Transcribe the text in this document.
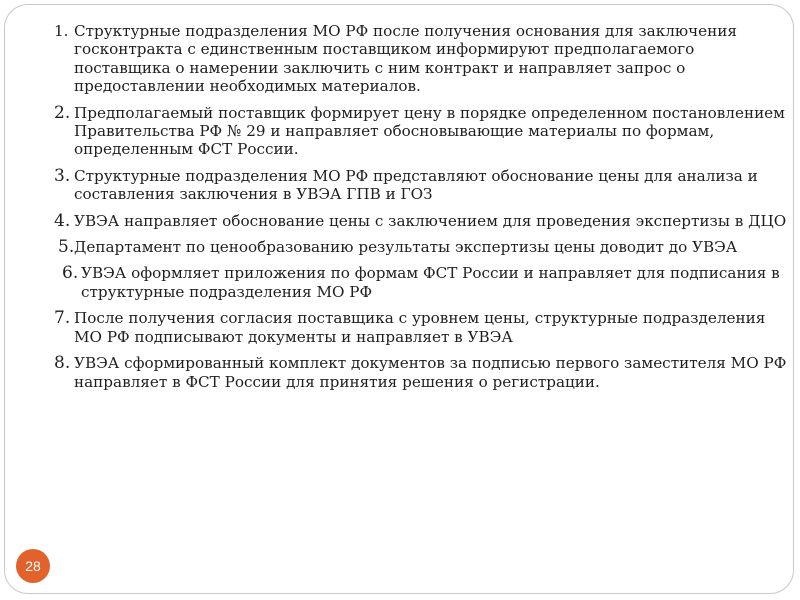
1. Структурные подразделения МО РФ после получения основания для заключения госконтракта с единственным поставщиком информируют предполагаемого поставщика о намерении заключить с ним контракт и направляет запрос о предоставлении необходимых материалов.
2. Предполагаемый поставщик формирует цену в порядке определенном постановлением Правительства РФ № 29 и направляет обосновывающие материалы по формам, определенным ФСТ России.
3. Структурные подразделения МО РФ представляют обоснование цены для анализа и составления заключения в УВЭА ГПВ и ГОЗ
4. УВЭА направляет обоснование цены с заключением для проведения экспертизы в ДЦО
5. Департамент по ценообразованию результаты экспертизы цены доводит до УВЭА
6. УВЭА оформляет приложения по формам ФСТ России и направляет для подписания в структурные подразделения МО РФ
7. После получения согласия поставщика с уровнем цены, структурные подразделения МО РФ подписывают документы и направляет в УВЭА
8. УВЭА сформированный комплект документов за подписью первого заместителя МО РФ направляет в ФСТ России для принятия решения о регистрации.
28
